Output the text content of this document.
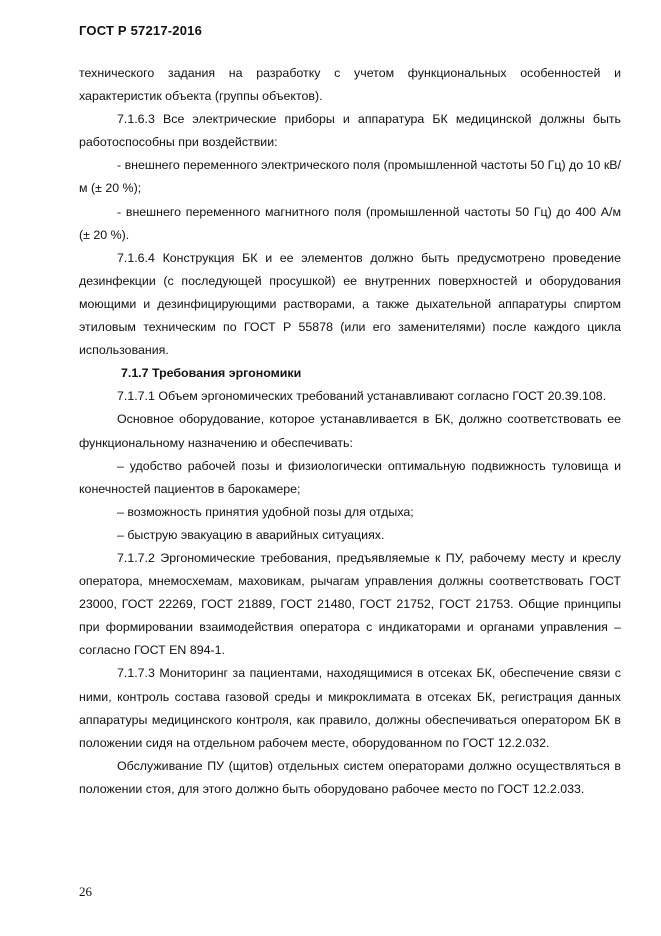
ГОСТ Р 57217-2016

технического задания на разработку с учетом функциональных особенностей и характеристик объекта (группы объектов).

7.1.6.3 Все электрические приборы и аппаратура БК медицинской должны быть работоспособны при воздействии:

- внешнего переменного электрического поля (промышленной частоты 50 Гц) до 10 кВ/м (± 20 %);

- внешнего переменного магнитного поля (промышленной частоты 50 Гц) до 400 А/м (± 20 %).

7.1.6.4 Конструкция БК и ее элементов должно быть предусмотрено проведение дезинфекции (с последующей просушкой) ее внутренних поверхностей и оборудования моющими и дезинфицирующими растворами, а также дыхательной аппаратуры спиртом этиловым техническим по ГОСТ Р 55878 (или его заменителями) после каждого цикла использования.

7.1.7 Требования эргономики

7.1.7.1 Объем эргономических требований устанавливают согласно ГОСТ 20.39.108.

Основное оборудование, которое устанавливается в БК, должно соответствовать ее функциональному назначению и обеспечивать:

– удобство рабочей позы и физиологически оптимальную подвижность туловища и конечностей пациентов в барокамере;

– возможность принятия удобной позы для отдыха;

– быструю эвакуацию в аварийных ситуациях.

7.1.7.2 Эргономические требования, предъявляемые к ПУ, рабочему месту и креслу оператора, мнемосхемам, маховикам, рычагам управления должны соответствовать ГОСТ 23000, ГОСТ 22269, ГОСТ 21889, ГОСТ 21480, ГОСТ 21752, ГОСТ 21753. Общие принципы при формировании взаимодействия оператора с индикаторами и органами управления – согласно ГОСТ EN 894-1.

7.1.7.3 Мониторинг за пациентами, находящимися в отсеках БК, обеспечение связи с ними, контроль состава газовой среды и микроклимата в отсеках БК, регистрация данных аппаратуры медицинского контроля, как правило, должны обеспечиваться оператором БК в положении сидя на отдельном рабочем месте, оборудованном по ГОСТ 12.2.032.

Обслуживание ПУ (щитов) отдельных систем операторами должно осуществляться в положении стоя, для этого должно быть оборудовано рабочее место по ГОСТ 12.2.033.

26
